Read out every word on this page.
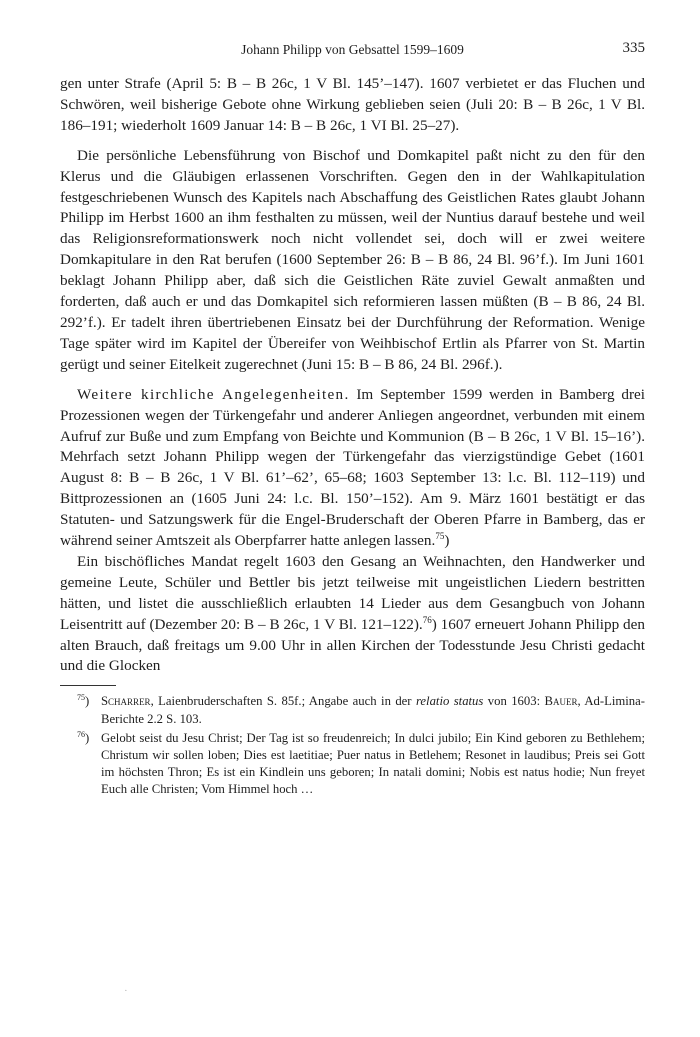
Johann Philipp von Gebsattel 1599–1609	335

gen unter Strafe (April 5: B – B 26c, 1 V Bl. 145’–147). 1607 verbietet er das Fluchen und Schwören, weil bisherige Gebote ohne Wirkung geblieben seien (Juli 20: B – B 26c, 1 V Bl. 186–191; wiederholt 1609 Januar 14: B – B 26c, 1 VI Bl. 25–27).

Die persönliche Lebensführung von Bischof und Domkapitel paßt nicht zu den für den Klerus und die Gläubigen erlassenen Vorschriften. Gegen den in der Wahlkapitulation festgeschriebenen Wunsch des Kapitels nach Abschaffung des Geistlichen Rates glaubt Johann Philipp im Herbst 1600 an ihm festhalten zu müssen, weil der Nuntius darauf bestehe und weil das Religionsreformationswerk noch nicht vollendet sei, doch will er zwei weitere Domkapitulare in den Rat berufen (1600 September 26: B – B 86, 24 Bl. 96’f.). Im Juni 1601 beklagt Johann Philipp aber, daß sich die Geistlichen Räte zuviel Gewalt anmaßten und forderten, daß auch er und das Domkapitel sich reformieren lassen müßten (B – B 86, 24 Bl. 292’f.). Er tadelt ihren übertriebenen Einsatz bei der Durchführung der Reformation. Wenige Tage später wird im Kapitel der Übereifer von Weihbischof Ertlin als Pfarrer von St. Martin gerügt und seiner Eitelkeit zugerechnet (Juni 15: B – B 86, 24 Bl. 296f.).

Weitere kirchliche Angelegenheiten. Im September 1599 werden in Bamberg drei Prozessionen wegen der Türkengefahr und anderer Anliegen angeordnet, verbunden mit einem Aufruf zur Buße und zum Empfang von Beichte und Kommunion (B – B 26c, 1 V Bl. 15–16’). Mehrfach setzt Johann Philipp wegen der Türkengefahr das vierzigstündige Gebet (1601 August 8: B – B 26c, 1 V Bl. 61’–62’, 65–68; 1603 September 13: l.c. Bl. 112–119) und Bittprozessionen an (1605 Juni 24: l.c. Bl. 150’–152). Am 9. März 1601 bestätigt er das Statuten- und Satzungswerk für die Engel-Bruderschaft der Oberen Pfarre in Bamberg, das er während seiner Amtszeit als Oberpfarrer hatte anlegen lassen.$^{75}$)

Ein bischöfliches Mandat regelt 1603 den Gesang an Weihnachten, den Handwerker und gemeine Leute, Schüler und Bettler bis jetzt teilweise mit ungeistlichen Liedern bestritten hätten, und listet die ausschließlich erlaubten 14 Lieder aus dem Gesangbuch von Johann Leisentritt auf (Dezember 20: B – B 26c, 1 V Bl. 121–122).$^{76}$) 1607 erneuert Johann Philipp den alten Brauch, daß freitags um 9.00 Uhr in allen Kirchen der Todesstunde Jesu Christi gedacht und die Glocken

$^{75}$) Scharrer, Laienbruderschaften S. 85f.; Angabe auch in der relatio status von 1603: Bauer, Ad-Limina-Berichte 2.2 S. 103.
$^{76}$) Gelobt seist du Jesu Christ; Der Tag ist so freudenreich; In dulci jubilo; Ein Kind geboren zu Bethlehem; Christum wir sollen loben; Dies est laetitiae; Puer natus in Betlehem; Resonet in laudibus; Preis sei Gott im höchsten Thron; Es ist ein Kindlein uns geboren; In natali domini; Nobis est natus hodie; Nun freyet Euch alle Christen; Vom Himmel hoch …
·
